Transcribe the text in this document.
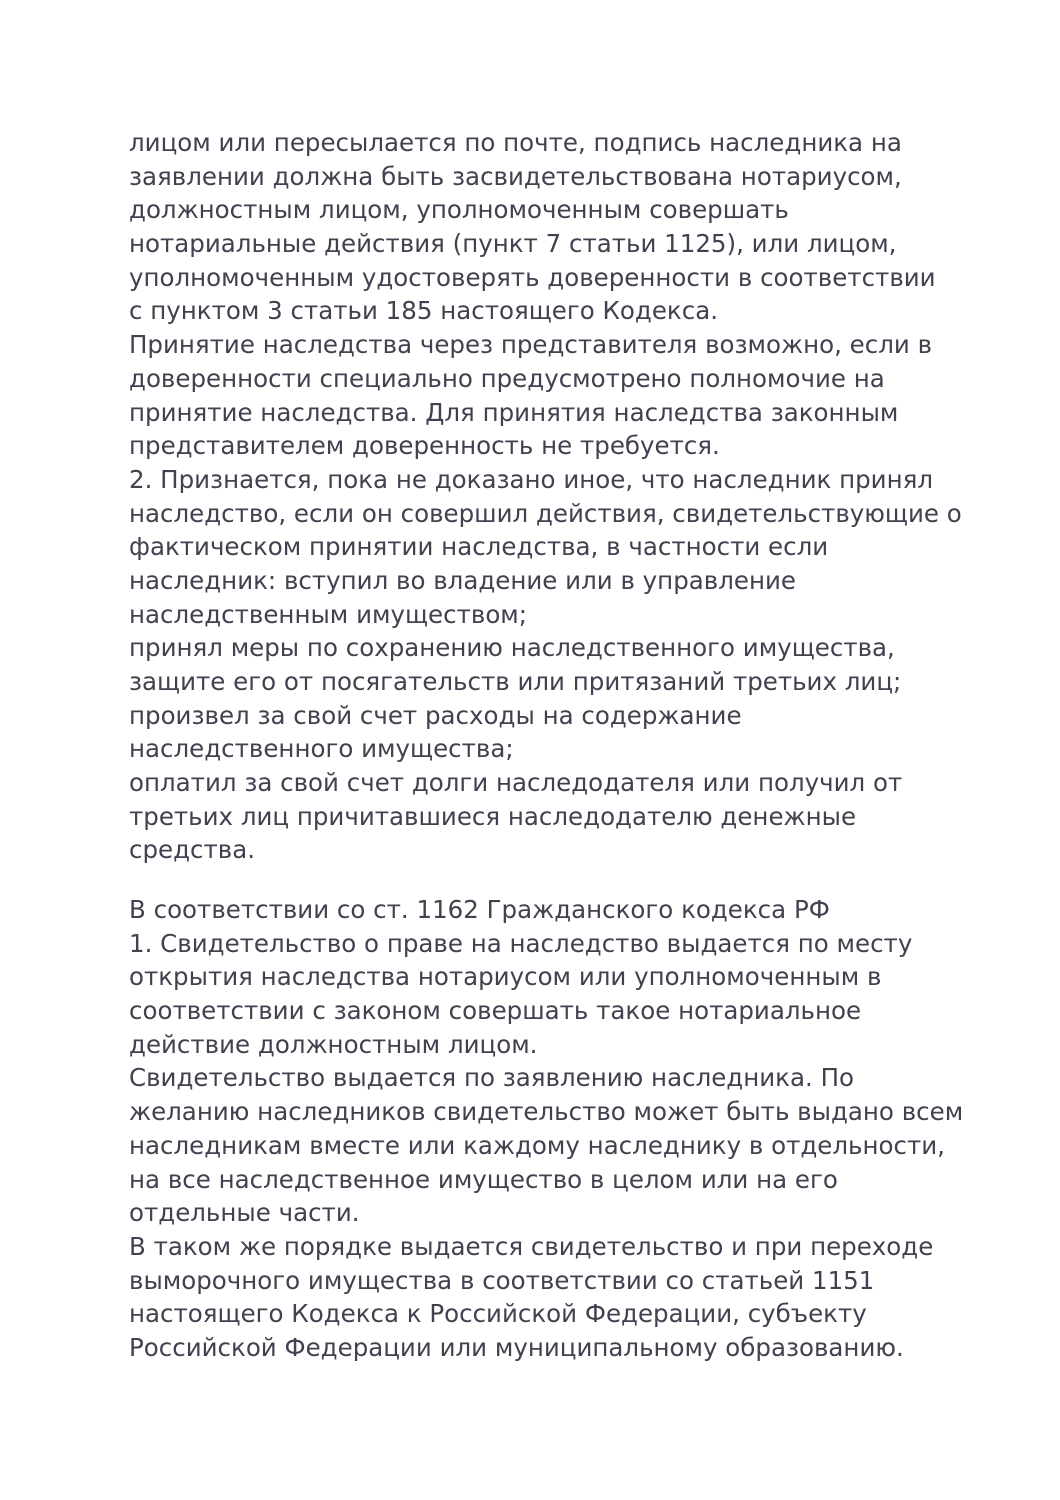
лицом или пересылается по почте, подпись наследника на
заявлении должна быть засвидетельствована нотариусом,
должностным лицом, уполномоченным совершать
нотариальные действия (пункт 7 статьи 1125), или лицом,
уполномоченным удостоверять доверенности в соответствии
с пунктом 3 статьи 185 настоящего Кодекса.
Принятие наследства через представителя возможно, если в
доверенности специально предусмотрено полномочие на
принятие наследства. Для принятия наследства законным
представителем доверенность не требуется.
2. Признается, пока не доказано иное, что наследник принял
наследство, если он совершил действия, свидетельствующие о
фактическом принятии наследства, в частности если
наследник: вступил во владение или в управление
наследственным имуществом;
принял меры по сохранению наследственного имущества,
защите его от посягательств или притязаний третьих лиц;
произвел за свой счет расходы на содержание
наследственного имущества;
оплатил за свой счет долги наследодателя или получил от
третьих лиц причитавшиеся наследодателю денежные
средства.
В соответствии со ст. 1162 Гражданского кодекса РФ
1. Свидетельство о праве на наследство выдается по месту
открытия наследства нотариусом или уполномоченным в
соответствии с законом совершать такое нотариальное
действие должностным лицом.
Свидетельство выдается по заявлению наследника. По
желанию наследников свидетельство может быть выдано всем
наследникам вместе или каждому наследнику в отдельности,
на все наследственное имущество в целом или на его
отдельные части.
В таком же порядке выдается свидетельство и при переходе
выморочного имущества в соответствии со статьей 1151
настоящего Кодекса к Российской Федерации, субъекту
Российской Федерации или муниципальному образованию.
